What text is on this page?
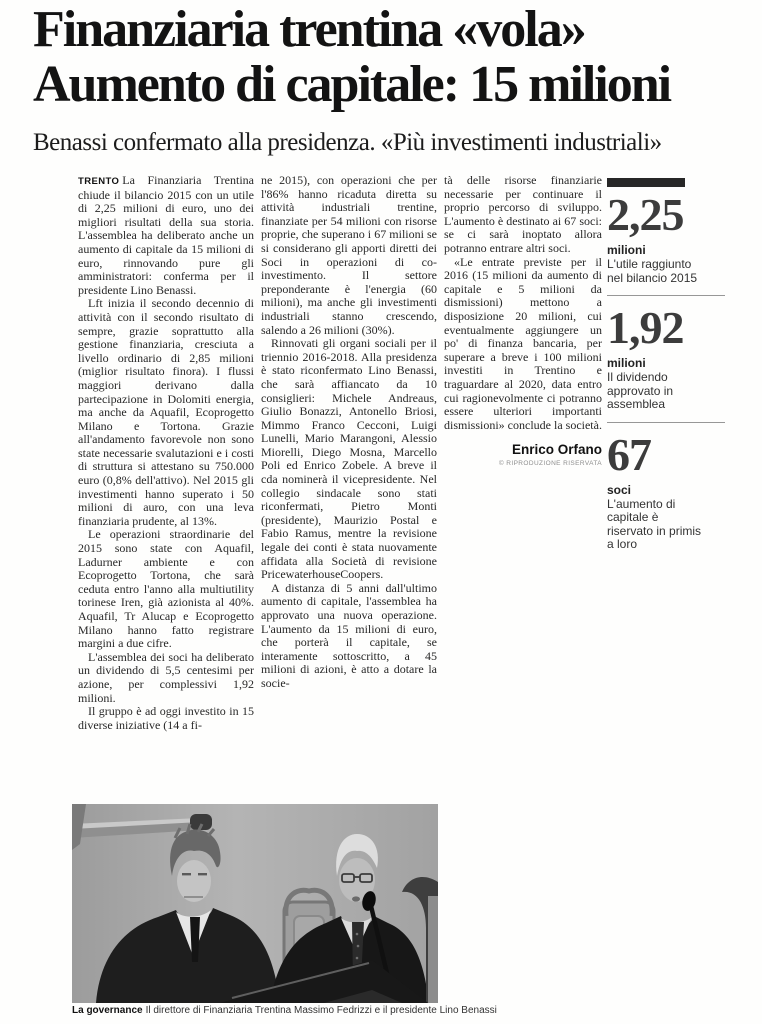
Finanziaria trentina «vola»
Aumento di capitale: 15 milioni
Benassi confermato alla presidenza. «Più investimenti industriali»

TRENTO La Finanziaria Trentina chiude il bilancio 2015 con un utile di 2,25 milioni di euro, uno dei migliori risultati della sua storia. L'assemblea ha deliberato anche un aumento di capitale da 15 milioni di euro, rinnovando pure gli amministratori: conferma per il presidente Lino Benassi.

Lft inizia il secondo decennio di attività con il secondo risultato di sempre, grazie soprattutto alla gestione finanziaria, cresciuta a livello ordinario di 2,85 milioni (miglior risultato finora). I flussi maggiori derivano dalla partecipazione in Dolomiti energia, ma anche da Aquafil, Ecoprogetto Milano e Tortona. Grazie all'andamento favorevole non sono state necessarie svalutazioni e i costi di struttura si attestano su 750.000 euro (0,8% dell'attivo). Nel 2015 gli investimenti hanno superato i 50 milioni di auro, con una leva finanziaria prudente, al 13%.

Le operazioni straordinarie del 2015 sono state con Aquafil, Ladurner ambiente e con Ecoprogetto Tortona, che sarà ceduta entro l'anno alla multiutility torinese Iren, già azionista al 40%. Aquafil, Tr Alucap e Ecoprogetto Milano hanno fatto registrare margini a due cifre.

L'assemblea dei soci ha deliberato un dividendo di 5,5 centesimi per azione, per complessivi 1,92 milioni.

Il gruppo è ad oggi investito in 15 diverse iniziative (14 a fi-

ne 2015), con operazioni che per l'86% hanno ricaduta diretta su attività industriali trentine, finanziate per 54 milioni con risorse proprie, che superano i 67 milioni se si considerano gli apporti diretti dei Soci in operazioni di co-investimento. Il settore preponderante è l'energia (60 milioni), ma anche gli investimenti industriali stanno crescendo, salendo a 26 milioni (30%).

Rinnovati gli organi sociali per il triennio 2016-2018. Alla presidenza è stato riconfermato Lino Benassi, che sarà affiancato da 10 consiglieri: Michele Andreaus, Giulio Bonazzi, Antonello Briosi, Mimmo Franco Cecconi, Luigi Lunelli, Mario Marangoni, Alessio Miorelli, Diego Mosna, Marcello Poli ed Enrico Zobele. A breve il cda nominerà il vicepresidente. Nel collegio sindacale sono stati riconfermati, Pietro Monti (presidente), Maurizio Postal e Fabio Ramus, mentre la revisione legale dei conti è stata nuovamente affidata alla Società di revisione PricewaterhouseCoopers.

A distanza di 5 anni dall'ultimo aumento di capitale, l'assemblea ha approvato una nuova operazione. L'aumento da 15 milioni di euro, che porterà il capitale, se interamente sottoscritto, a 45 milioni di azioni, è atto a dotare la socie-

tà delle risorse finanziarie necessarie per continuare il proprio percorso di sviluppo. L'aumento è destinato ai 67 soci: se ci sarà inoptato allora potranno entrare altri soci.

«Le entrate previste per il 2016 (15 milioni da aumento di capitale e 5 milioni da dismissioni) mettono a disposizione 20 milioni, cui eventualmente aggiungere un po' di finanza bancaria, per superare a breve i 100 milioni investiti in Trentino e traguardare al 2020, data entro cui ragionevolmente ci potranno essere ulteriori importanti dismissioni» conclude la società.

Enrico Orfano
© RIPRODUZIONE RISERVATA
2,25
milioni
L'utile raggiunto nel bilancio 2015
1,92
milioni
Il dividendo approvato in assemblea
67
soci
L'aumento di capitale è riservato in primis a loro
La governance Il direttore di Finanziaria Trentina Massimo Fedrizzi e il presidente Lino Benassi
